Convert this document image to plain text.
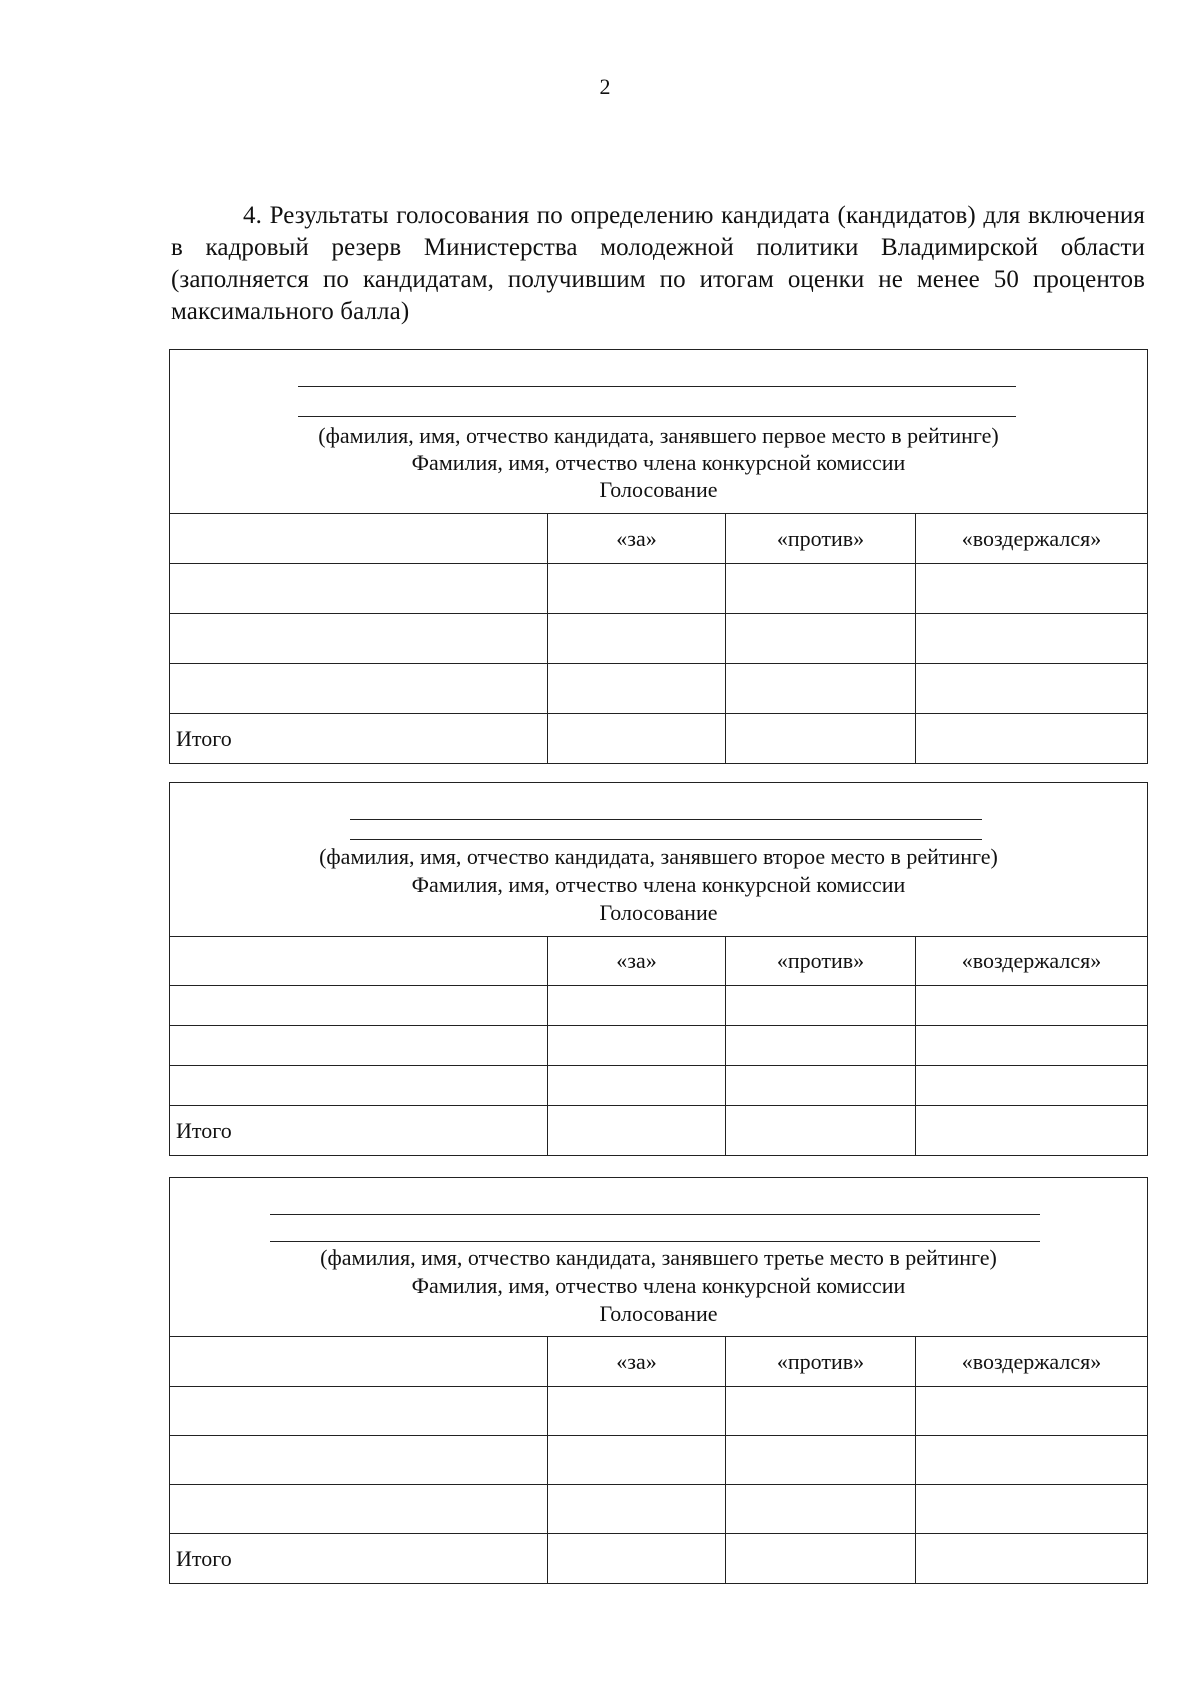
2
4. Результаты голосования по определению кандидата (кандидатов) для включения в кадровый резерв Министерства молодежной политики Владимирской области (заполняется по кандидатам, получившим по итогам оценки не менее 50 процентов максимального балла)
(фамилия, имя, отчество кандидата, занявшего первое место в рейтинге)
Фамилия, имя, отчество члена конкурсной комиссии
Голосование			

	«за»	«против»	«воздержался»

Итого			
(фамилия, имя, отчество кандидата, занявшего второе место в рейтинге)
Фамилия, имя, отчество члена конкурсной комиссии
Голосование			

	«за»	«против»	«воздержался»

Итого			
(фамилия, имя, отчество кандидата, занявшего третье место в рейтинге)
Фамилия, имя, отчество члена конкурсной комиссии
Голосование			

	«за»	«против»	«воздержался»

Итого			
